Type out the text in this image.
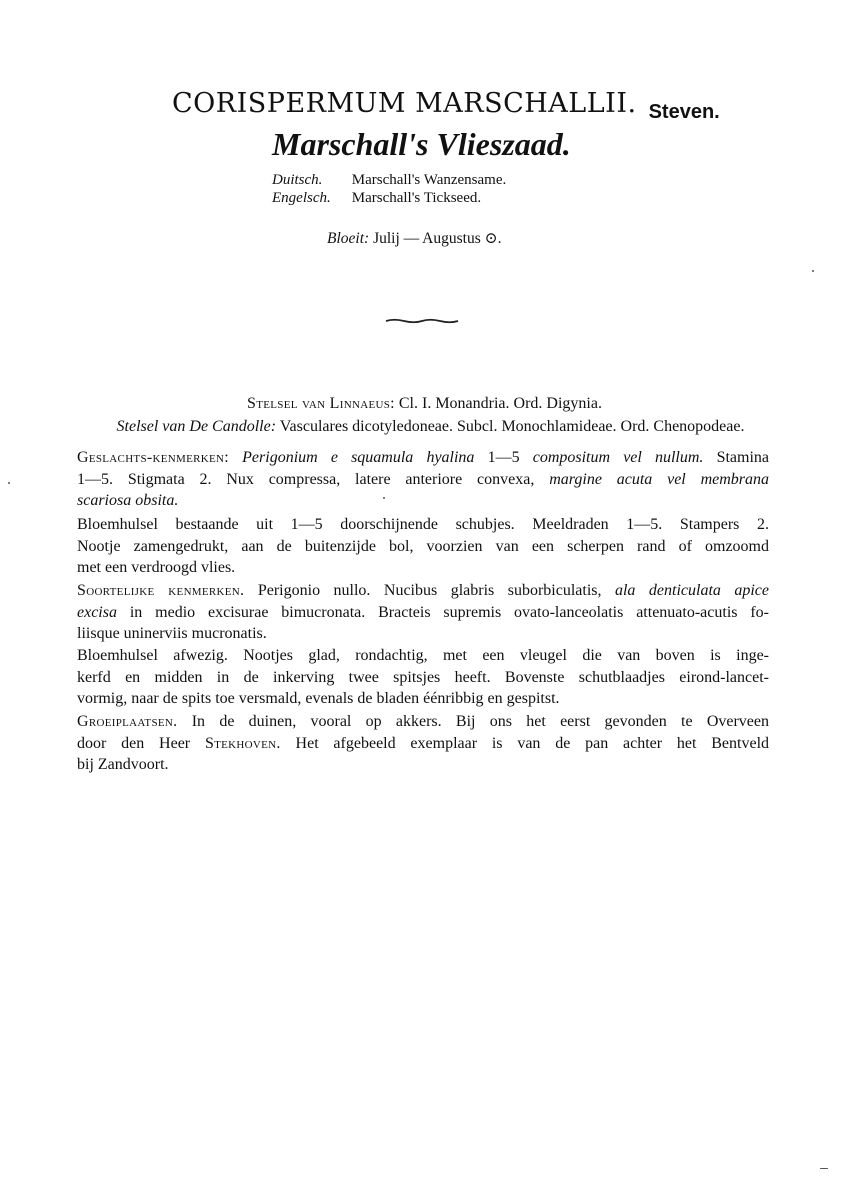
CORISPERMUM MARSCHALLII. Steven.
Marschall's Vlieszaad.
Duitsch. Marschall's Wanzensame.
Engelsch. Marschall's Tickseed.
Bloeit: Julij — Augustus ⊙.
Stelsel van Linnaeus: Cl. I. Monandria. Ord. Digynia.
Stelsel van De Candolle: Vasculares dicotyledoneae. Subcl. Monochlamideae. Ord. Chenopodeae.
Geslachts-kenmerken: Perigonium e squamula hyalina 1—5 compositum vel nullum. Stamina
1—5. Stigmata 2. Nux compressa, latere anteriore convexa, margine acuta vel membrana
scariosa obsita.
Bloemhulsel bestaande uit 1—5 doorschijnende schubjes. Meeldraden 1—5. Stampers 2.
Nootje zamengedrukt, aan de buitenzijde bol, voorzien van een scherpen rand of omzoomd
met een verdroogd vlies.
Soortelijke kenmerken. Perigonio nullo. Nucibus glabris suborbiculatis, ala denticulata apice
excisa in medio excisurae bimucronata. Bracteis supremis ovato-lanceolatis attenuato-acutis fo-
liisque uninerviis mucronatis.
Bloemhulsel afwezig. Nootjes glad, rondachtig, met een vleugel die van boven is inge-
kerfd en midden in de inkerving twee spitsjes heeft. Bovenste schutblaadjes eirond-lancet-
vormig, naar de spits toe versmald, evenals de bladen éénribbig en gespitst.
Groeiplaatsen. In de duinen, vooral op akkers. Bij ons het eerst gevonden te Overveen
door den Heer Stekhoven. Het afgebeeld exemplaar is van de pan achter het Bentveld
bij Zandvoort.
